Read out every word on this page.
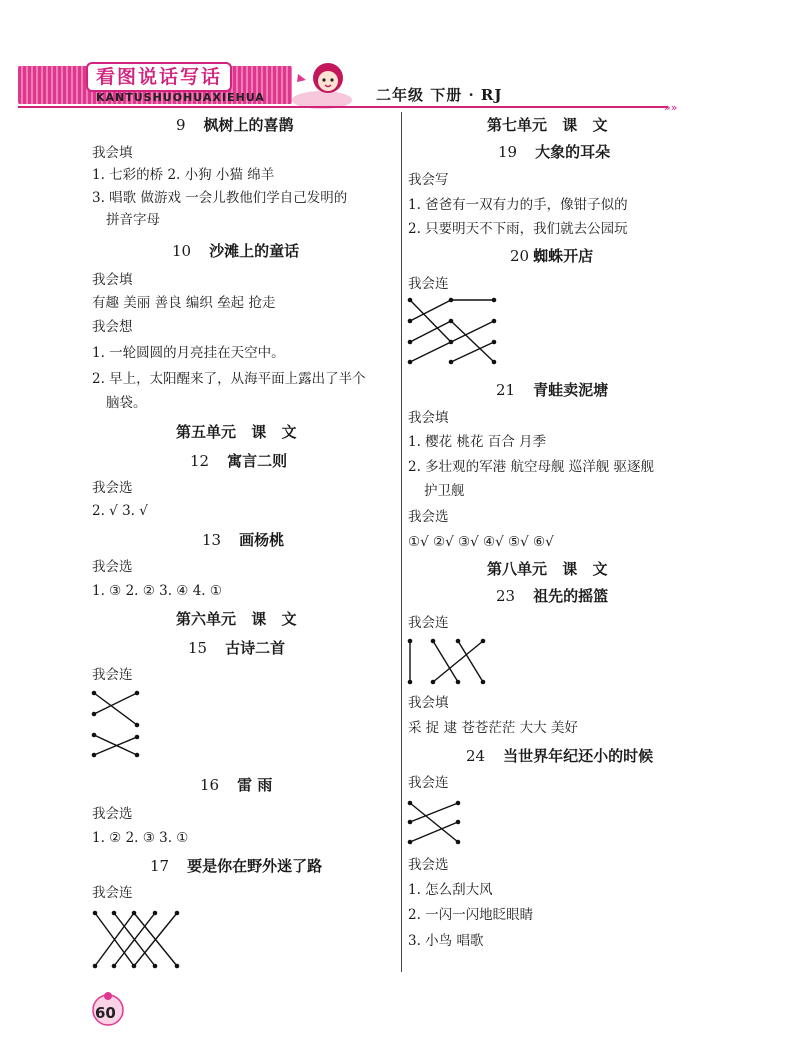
看图说话写话
KANTUSHUOHUAXIEHUA	二年级 下册 · RJ
»»
9 枫树上的喜鹊
我会填
1. 七彩的桥 2. 小狗 小猫 绵羊
3. 唱歌 做游戏 一会儿教他们学自己发明的
拼音字母
10 沙滩上的童话
我会填
有趣 美丽 善良 编织 垒起 抢走
我会想
1. 一轮圆圆的月亮挂在天空中。
2. 早上，太阳醒来了，从海平面上露出了半个
脑袋。
第五单元 课 文
12 寓言二则
我会选
2. √ 3. √
13 画杨桃
我会选
1. ③ 2. ② 3. ④ 4. ①
第六单元 课 文
15 古诗二首
我会连
16 雷 雨
我会选
1. ② 2. ③ 3. ①
17 要是你在野外迷了路
我会连
第七单元 课 文
19 大象的耳朵
我会写
1. 爸爸有一双有力的手，像钳子似的
2. 只要明天不下雨，我们就去公园玩
20 蜘蛛开店
我会连
21 青蛙卖泥塘
我会填
1. 樱花 桃花 百合 月季
2. 多壮观的军港 航空母舰 巡洋舰 驱逐舰
护卫舰
我会选
①√ ②√ ③√ ④√ ⑤√ ⑥√
第八单元 课 文
23 祖先的摇篮
我会连
我会填
采 捉 逮 苍苍茫茫 大大 美好
24 当世界年纪还小的时候
我会连
我会选
1. 怎么刮大风
2. 一闪一闪地眨眼睛
3. 小鸟 唱歌
60
